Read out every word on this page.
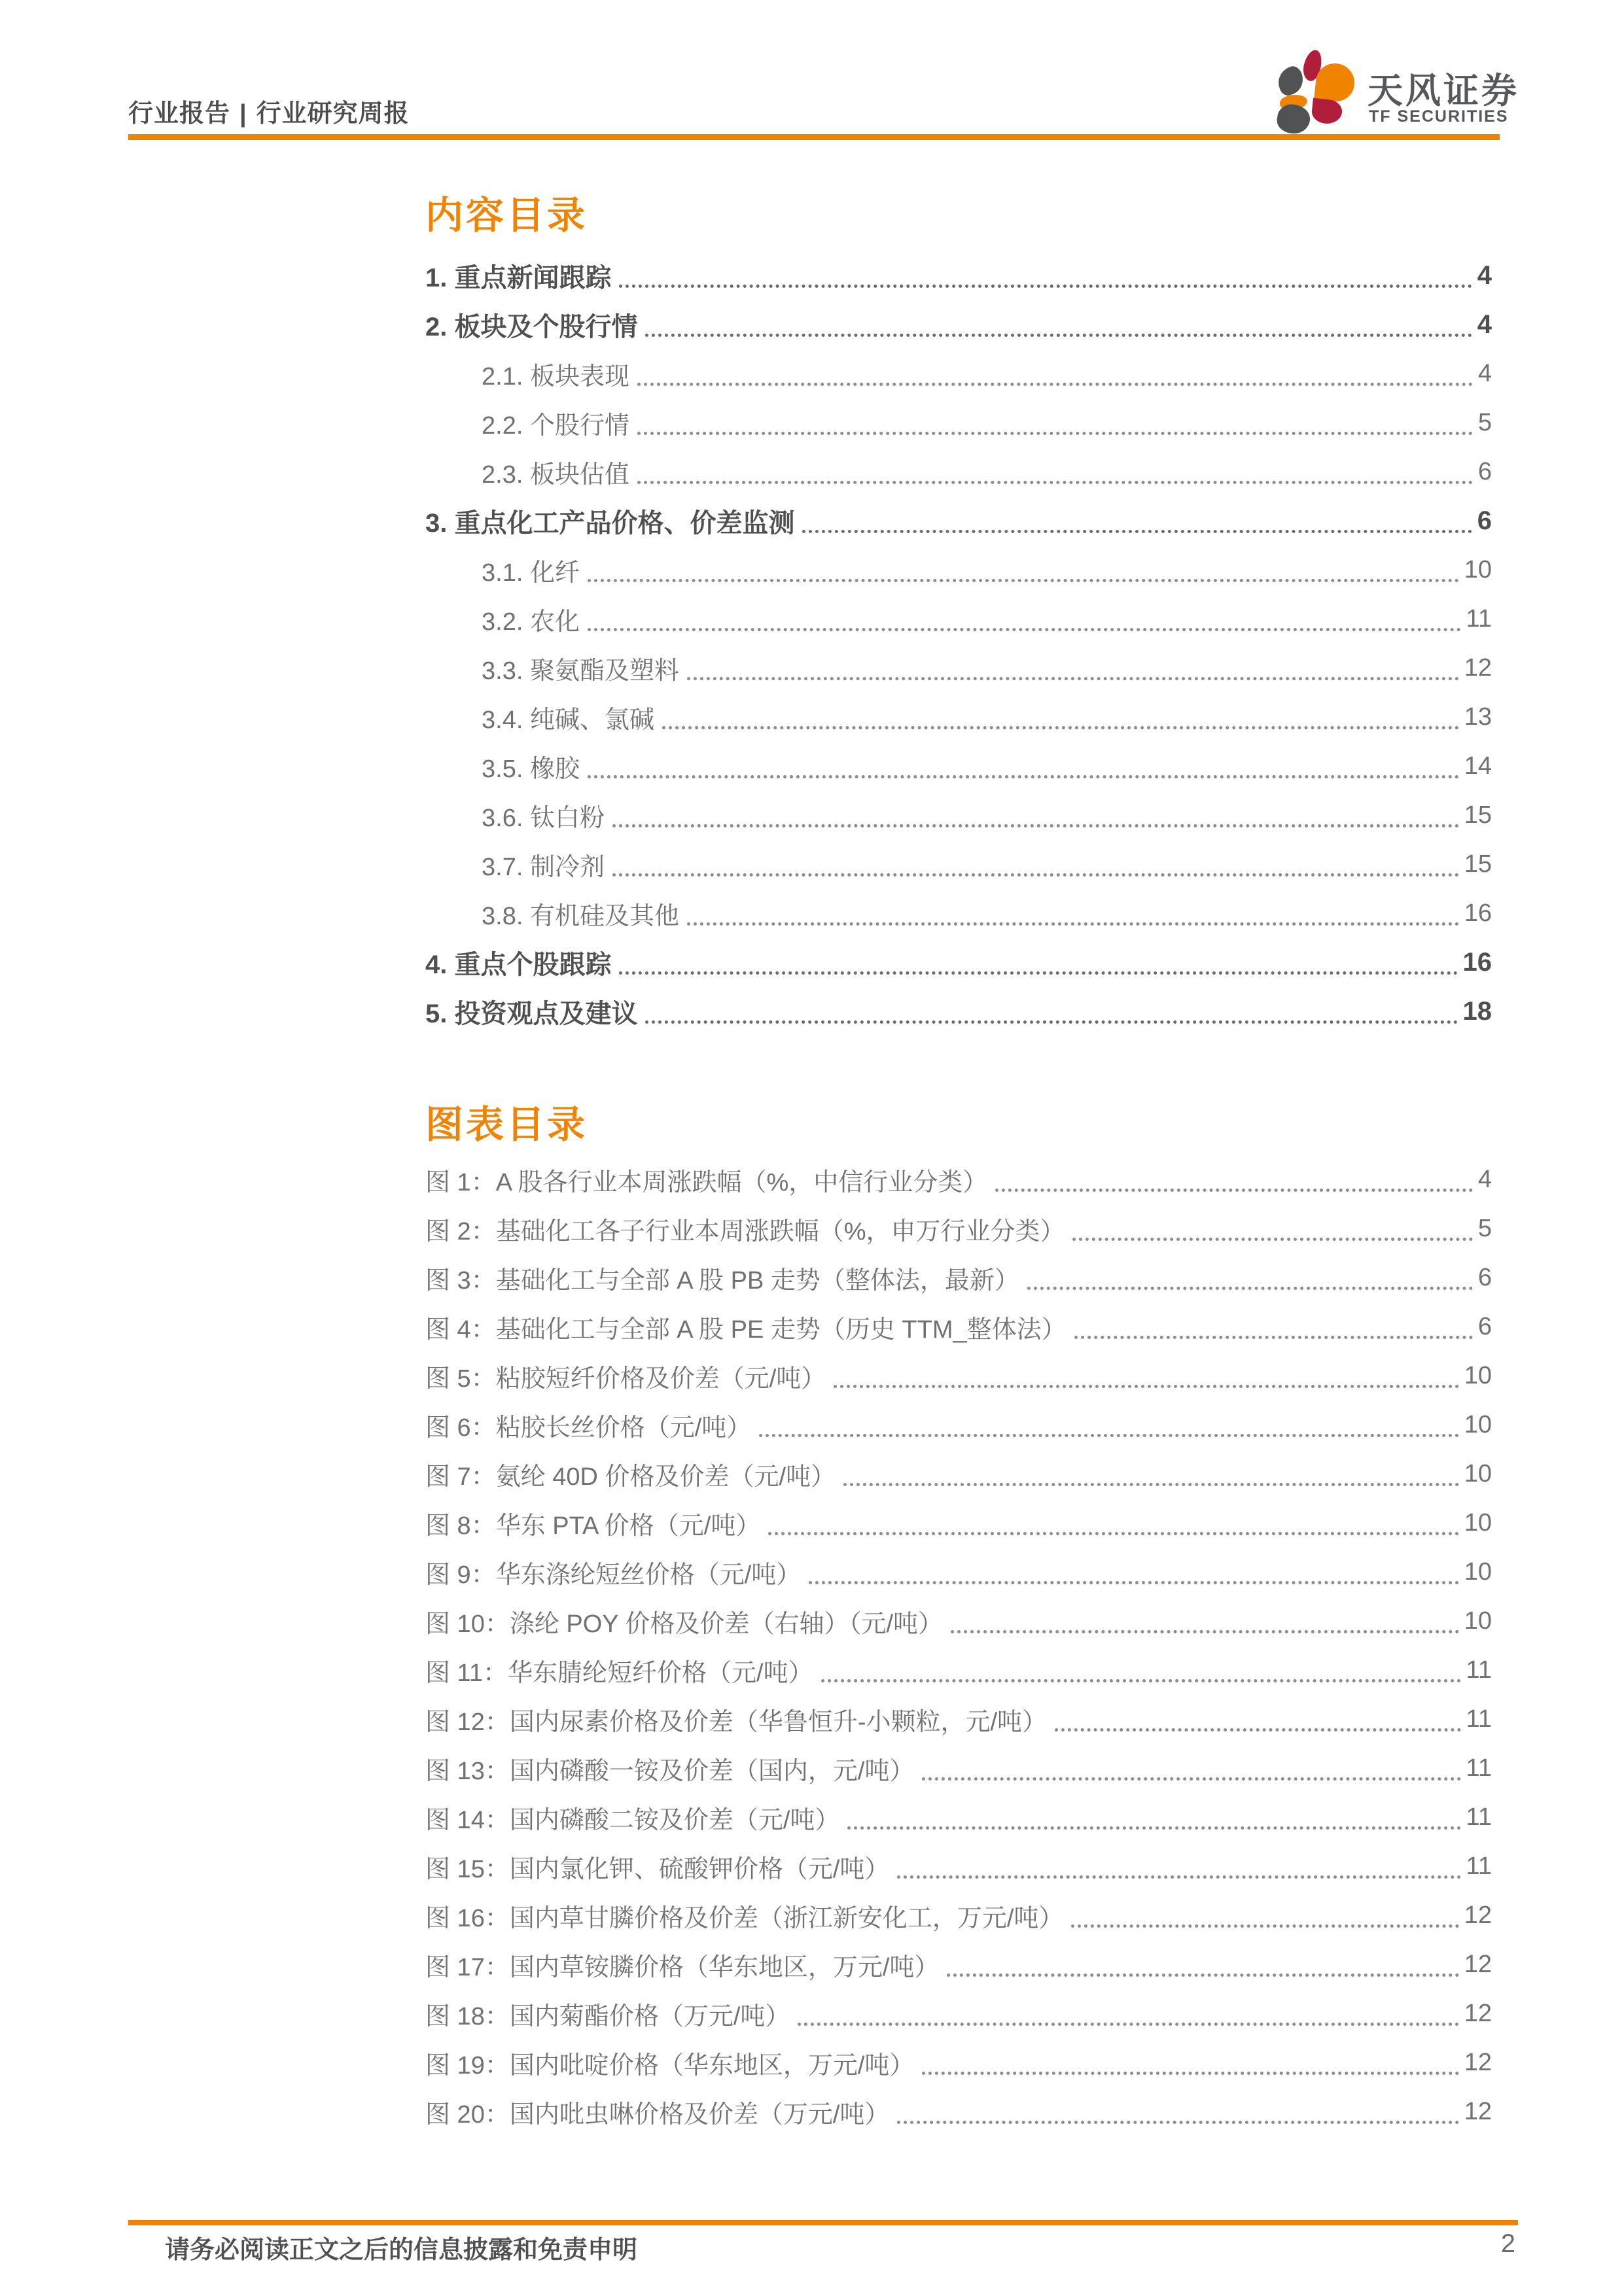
行业报告 | 行业研究周报
天风证券
TF SECURITIES
内容目录
1. 重点新闻跟踪	4
2. 板块及个股行情	4
2.1. 板块表现	4
2.2. 个股行情	5
2.3. 板块估值	6
3. 重点化工产品价格、价差监测	6
3.1. 化纤	10
3.2. 农化	11
3.3. 聚氨酯及塑料	12
3.4. 纯碱、氯碱	13
3.5. 橡胶	14
3.6. 钛白粉	15
3.7. 制冷剂	15
3.8. 有机硅及其他	16
4. 重点个股跟踪	16
5. 投资观点及建议	18
图表目录
图 1：A 股各行业本周涨跌幅（%，中信行业分类）	4
图 2：基础化工各子行业本周涨跌幅（%，申万行业分类）	5
图 3：基础化工与全部 A 股 PB 走势（整体法，最新）	6
图 4：基础化工与全部 A 股 PE 走势（历史 TTM_整体法）	6
图 5：粘胶短纤价格及价差（元/吨）	10
图 6：粘胶长丝价格（元/吨）	10
图 7：氨纶 40D 价格及价差（元/吨）	10
图 8：华东 PTA 价格（元/吨）	10
图 9：华东涤纶短丝价格（元/吨）	10
图 10：涤纶 POY 价格及价差（右轴）（元/吨）	10
图 11：华东腈纶短纤价格（元/吨）	11
图 12：国内尿素价格及价差（华鲁恒升-小颗粒，元/吨）	11
图 13：国内磷酸一铵及价差（国内，元/吨）	11
图 14：国内磷酸二铵及价差（元/吨）	11
图 15：国内氯化钾、硫酸钾价格（元/吨）	11
图 16：国内草甘膦价格及价差（浙江新安化工，万元/吨）	12
图 17：国内草铵膦价格（华东地区，万元/吨）	12
图 18：国内菊酯价格（万元/吨）	12
图 19：国内吡啶价格（华东地区，万元/吨）	12
图 20：国内吡虫啉价格及价差（万元/吨）	12
请务必阅读正文之后的信息披露和免责申明	2
